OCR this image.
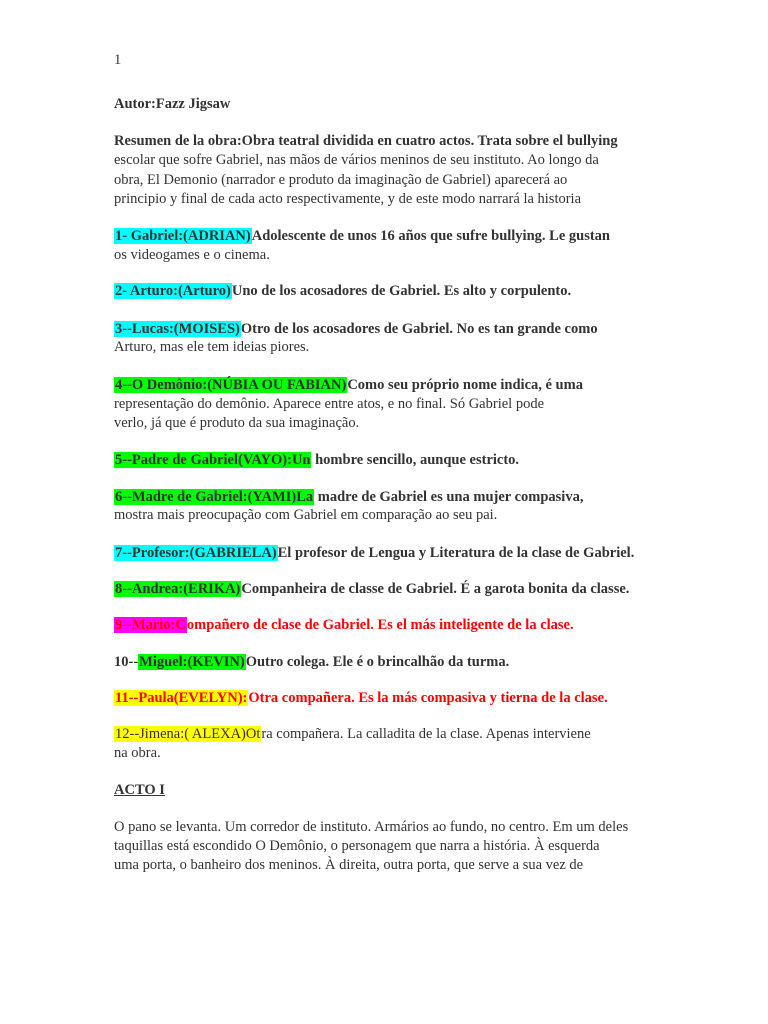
1
Autor:Fazz Jigsaw
Resumen de la obra:Obra teatral dividida en cuatro actos. Trata sobre el bullying
escolar que sofre Gabriel, nas mãos de vários meninos de seu instituto. Ao longo da
obra, El Demonio (narrador e produto da imaginação de Gabriel) aparecerá ao
principio y final de cada acto respectivamente, y de este modo narrará la historia
1- Gabriel:(ADRIAN)Adolescente de unos 16 años que sufre bullying. Le gustan
os videogames e o cinema.
2- Arturo:(Arturo)Uno de los acosadores de Gabriel. Es alto y corpulento.
3--Lucas:(MOISES)Otro de los acosadores de Gabriel. No es tan grande como
Arturo, mas ele tem ideias piores.
4--O Demônio:(NÚBIA OU FABIAN)Como seu próprio nome indica, é uma
representação do demônio. Aparece entre atos, e no final. Só Gabriel pode
verlo, já que é produto da sua imaginação.
5--Padre de Gabriel(VAYO):Un hombre sencillo, aunque estricto.
6--Madre de Gabriel:(YAMI)La madre de Gabriel es una mujer compasiva,
mostra mais preocupação com Gabriel em comparação ao seu pai.
7--Profesor:(GABRIELA)El profesor de Lengua y Literatura de la clase de Gabriel.
8--Andrea:(ERIKA)Companheira de classe de Gabriel. É a garota bonita da classe.
9--Mario:Compañero de clase de Gabriel. Es el más inteligente de la clase.
10--Miguel:(KEVIN)Outro colega. Ele é o brincalhão da turma.
11--Paula(EVELYN):Otra compañera. Es la más compasiva y tierna de la clase.
12--Jimena:( ALEXA)Otra compañera. La calladita de la clase. Apenas interviene
na obra.
ACTO I
O pano se levanta. Um corredor de instituto. Armários ao fundo, no centro. Em um deles
taquillas está escondido O Demônio, o personagem que narra a história. À esquerda
uma porta, o banheiro dos meninos. À direita, outra porta, que serve a sua vez de
